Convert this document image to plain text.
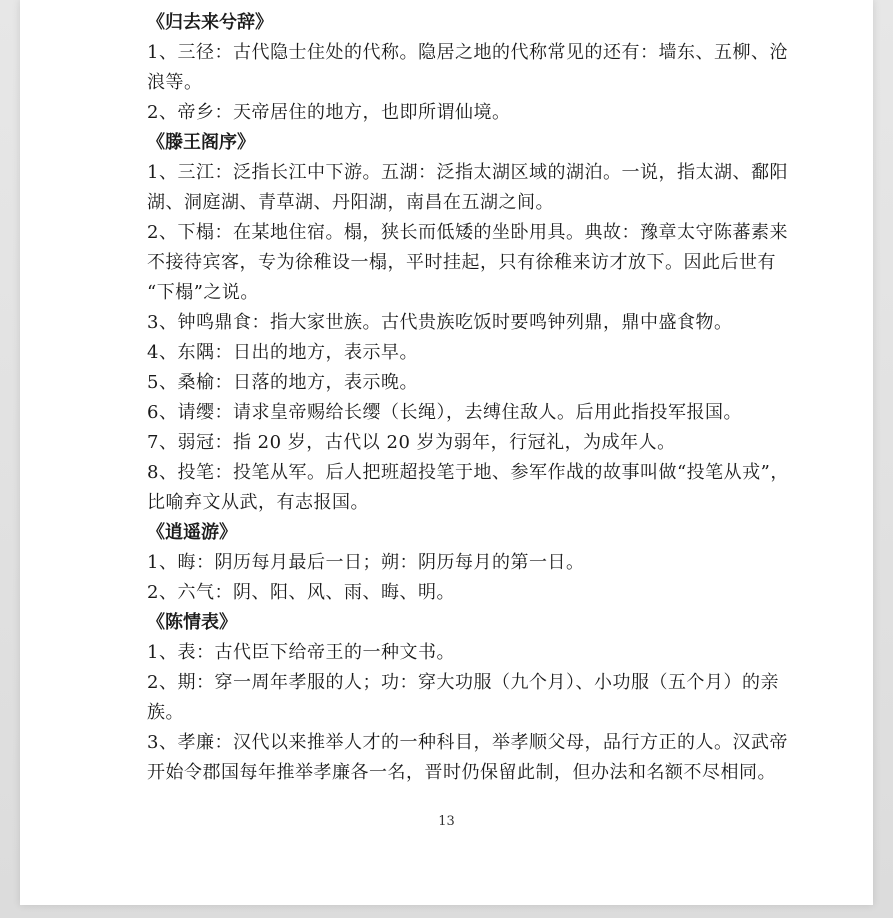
《归去来兮辞》

1、三径：古代隐士住处的代称。隐居之地的代称常见的还有：墙东、五柳、沧
浪等。

2、帝乡：天帝居住的地方，也即所谓仙境。

《滕王阁序》

1、三江：泛指长江中下游。五湖：泛指太湖区域的湖泊。一说，指太湖、鄱阳
湖、洞庭湖、青草湖、丹阳湖，南昌在五湖之间。

2、下榻：在某地住宿。榻，狭长而低矮的坐卧用具。典故：豫章太守陈蕃素来
不接待宾客，专为徐稚设一榻，平时挂起，只有徐稚来访才放下。因此后世有
“下榻”之说。

3、钟鸣鼎食：指大家世族。古代贵族吃饭时要鸣钟列鼎，鼎中盛食物。

4、东隅：日出的地方，表示早。

5、桑榆：日落的地方，表示晚。

6、请缨：请求皇帝赐给长缨（长绳），去缚住敌人。后用此指投军报国。

7、弱冠：指 20 岁，古代以 20 岁为弱年，行冠礼，为成年人。

8、投笔：投笔从军。后人把班超投笔于地、参军作战的故事叫做“投笔从戎”，
比喻弃文从武，有志报国。

《逍遥游》

1、晦：阴历每月最后一日；朔：阴历每月的第一日。

2、六气：阴、阳、风、雨、晦、明。

《陈情表》

1、表：古代臣下给帝王的一种文书。

2、期：穿一周年孝服的人；功：穿大功服（九个月）、小功服（五个月）的亲
族。

3、孝廉：汉代以来推举人才的一种科目，举孝顺父母，品行方正的人。汉武帝
开始令郡国每年推举孝廉各一名，晋时仍保留此制，但办法和名额不尽相同。

13
